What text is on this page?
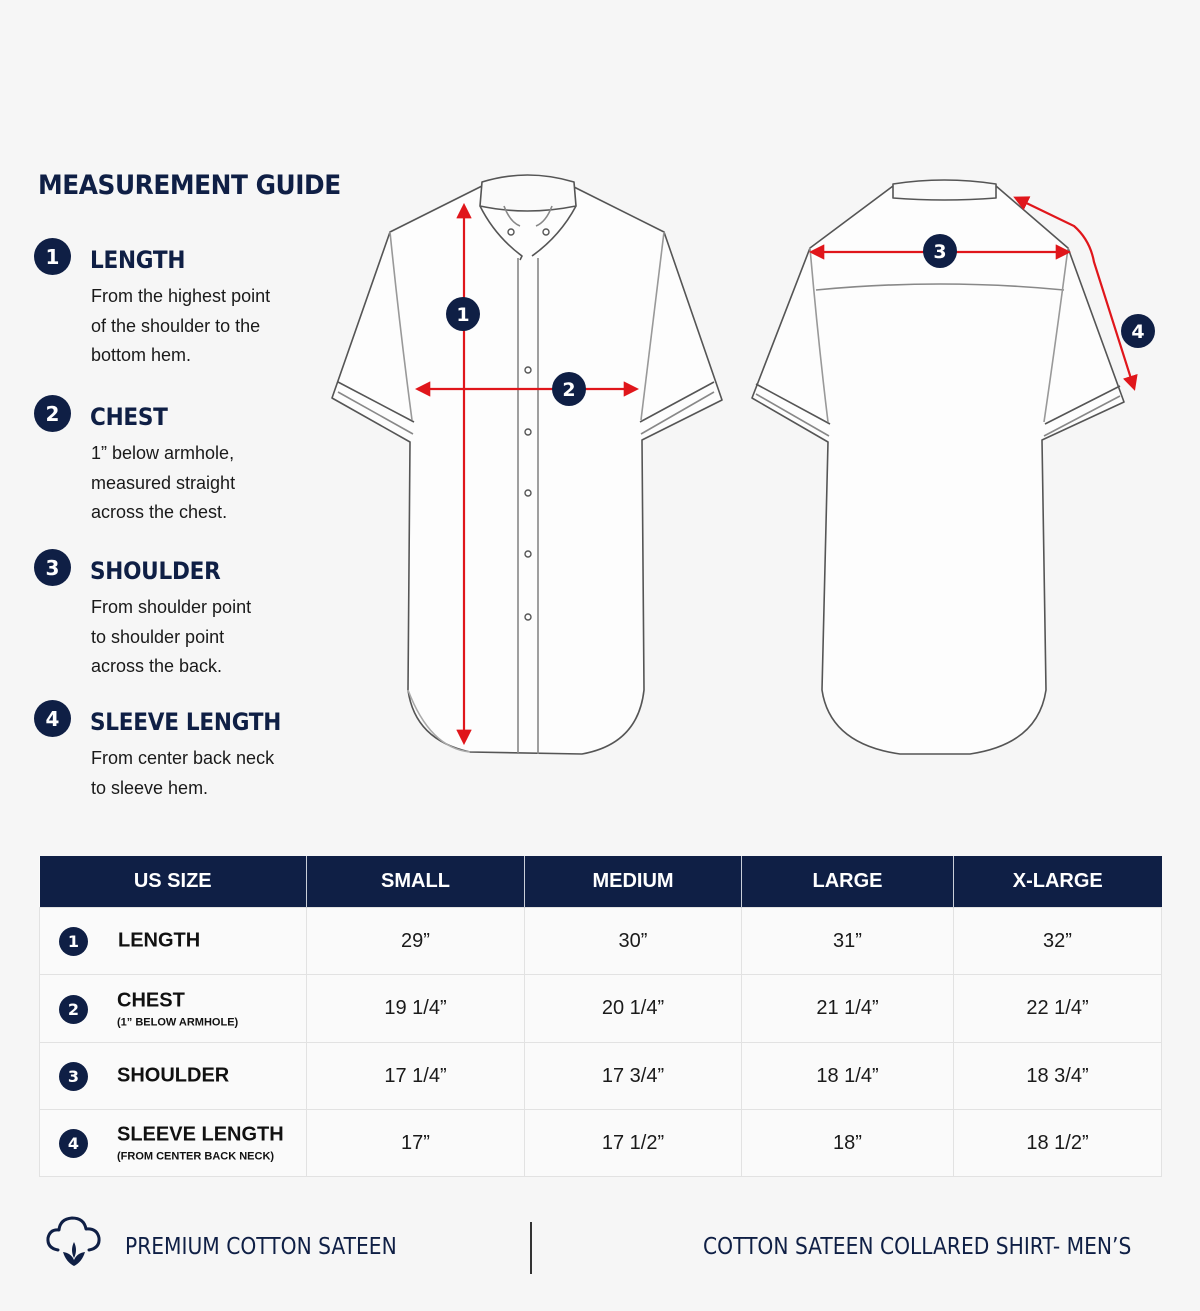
MEASUREMENT GUIDE
1	LENGTH
From the highest point
of the shoulder to the
bottom hem.
2	CHEST
1” below armhole,
measured straight
across the chest.
3	SHOULDER
From shoulder point
to shoulder point
across the back.
4	SLEEVE LENGTH
From center back neck
to sleeve hem.
1
2
3
4
US SIZE	SMALL	MEDIUM	LARGE	X-LARGE

1 LENGTH	29”	30”	31”	32”

2 CHEST
(1” BELOW ARMHOLE)	19 1/4”	20 1/4”	21 1/4”	22 1/4”

3 SHOULDER	17 1/4”	17 3/4”	18 1/4”	18 3/4”

4 SLEEVE LENGTH
(FROM CENTER BACK NECK)	17”	17 1/2”	18”	18 1/2”
PREMIUM COTTON SATEEN	COTTON SATEEN COLLARED SHIRT- MEN’S
